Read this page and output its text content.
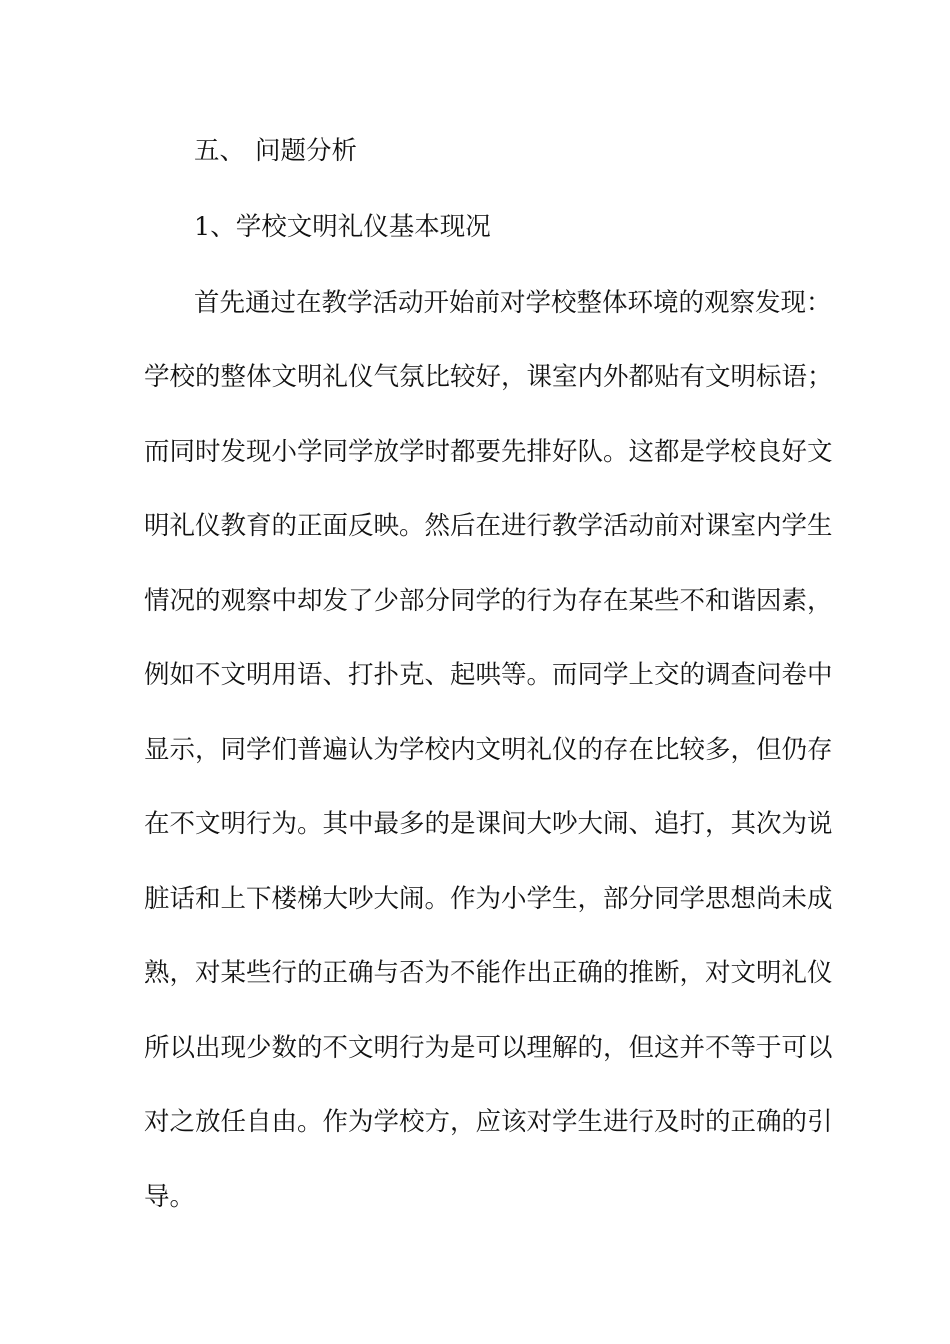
五、 问题分析
1、学校文明礼仪基本现况
首先通过在教学活动开始前对学校整体环境的观察发现：
学校的整体文明礼仪气氛比较好，课室内外都贴有文明标语；
而同时发现小学同学放学时都要先排好队。这都是学校良好文
明礼仪教育的正面反映。然后在进行教学活动前对课室内学生
情况的观察中却发了少部分同学的行为存在某些不和谐因素，
例如不文明用语、打扑克、起哄等。而同学上交的调查问卷中
显示，同学们普遍认为学校内文明礼仪的存在比较多，但仍存
在不文明行为。其中最多的是课间大吵大闹、追打，其次为说
脏话和上下楼梯大吵大闹。作为小学生，部分同学思想尚未成
熟，对某些行的正确与否为不能作出正确的推断，对文明礼仪
所以出现少数的不文明行为是可以理解的，但这并不等于可以
对之放任自由。作为学校方，应该对学生进行及时的正确的引
导。
